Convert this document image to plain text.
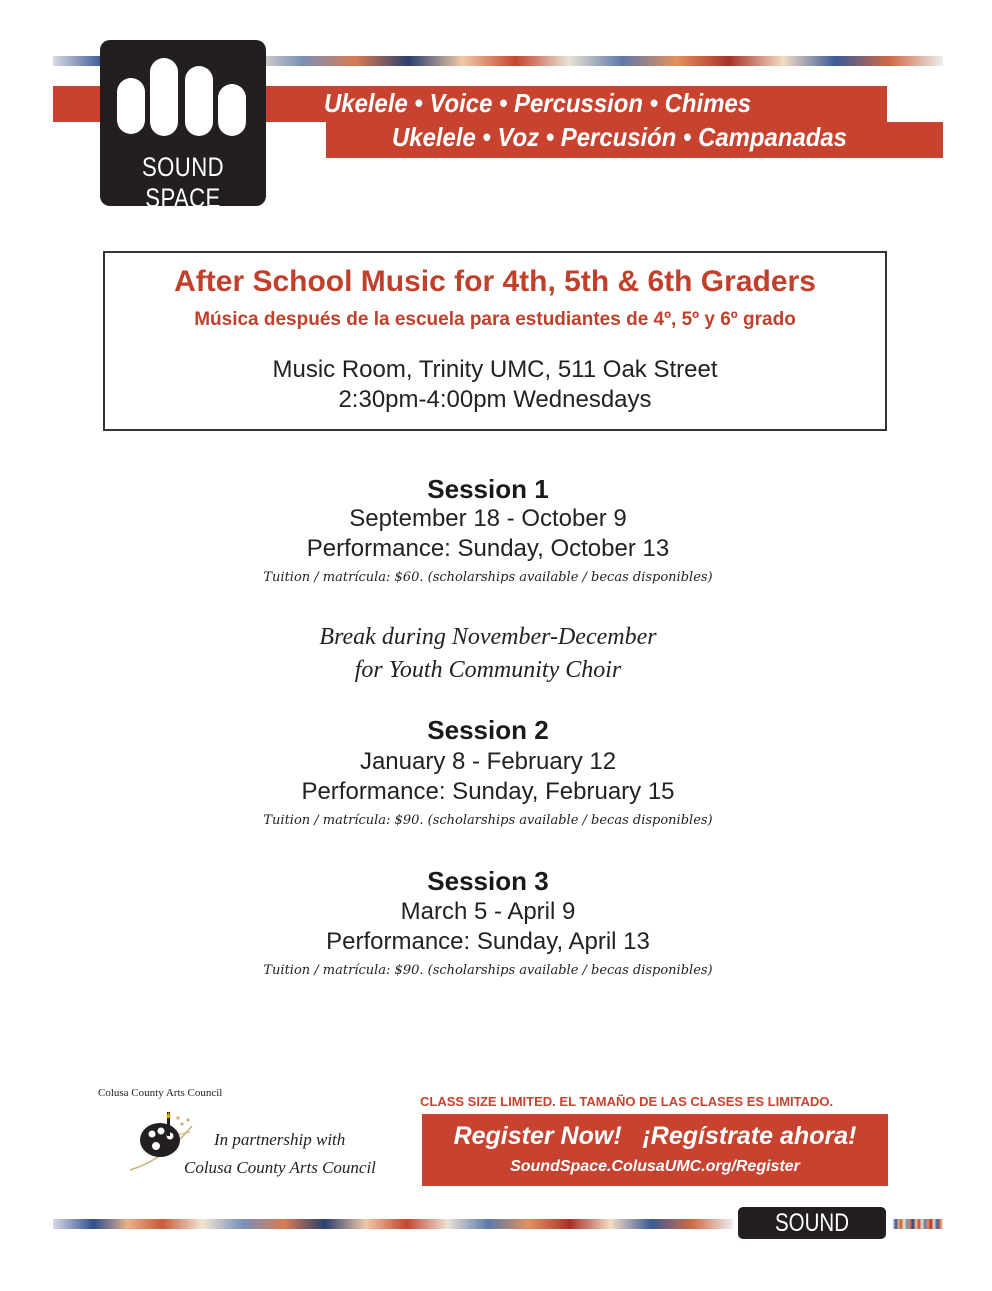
Ukelele • Voice • Percussion • Chimes
Ukelele • Voz • Percusión • Campanadas
SOUND SPACE
After School Music for 4th, 5th & 6th Graders
Música después de la escuela para estudiantes de 4º, 5º y 6º grado
Music Room, Trinity UMC, 511 Oak Street
2:30pm-4:00pm Wednesdays
Session 1
September 18 - October 9
Performance: Sunday, October 13
Tuition / matrícula: $60. (scholarships available / becas disponibles)
Break during November-December
for Youth Community Choir
Session 2
January 8 - February 12
Performance: Sunday, February 15
Tuition / matrícula: $90. (scholarships available / becas disponibles)
Session 3
March 5 - April 9
Performance: Sunday, April 13
Tuition / matrícula: $90. (scholarships available / becas disponibles)
Colusa County Arts Council
In partnership with
Colusa County Arts Council
CLASS SIZE LIMITED. EL TAMAÑO DE LAS CLASES ES LIMITADO.
Register Now!   ¡Regístrate ahora!
SoundSpace.ColusaUMC.org/Register
SOUND SPACE
